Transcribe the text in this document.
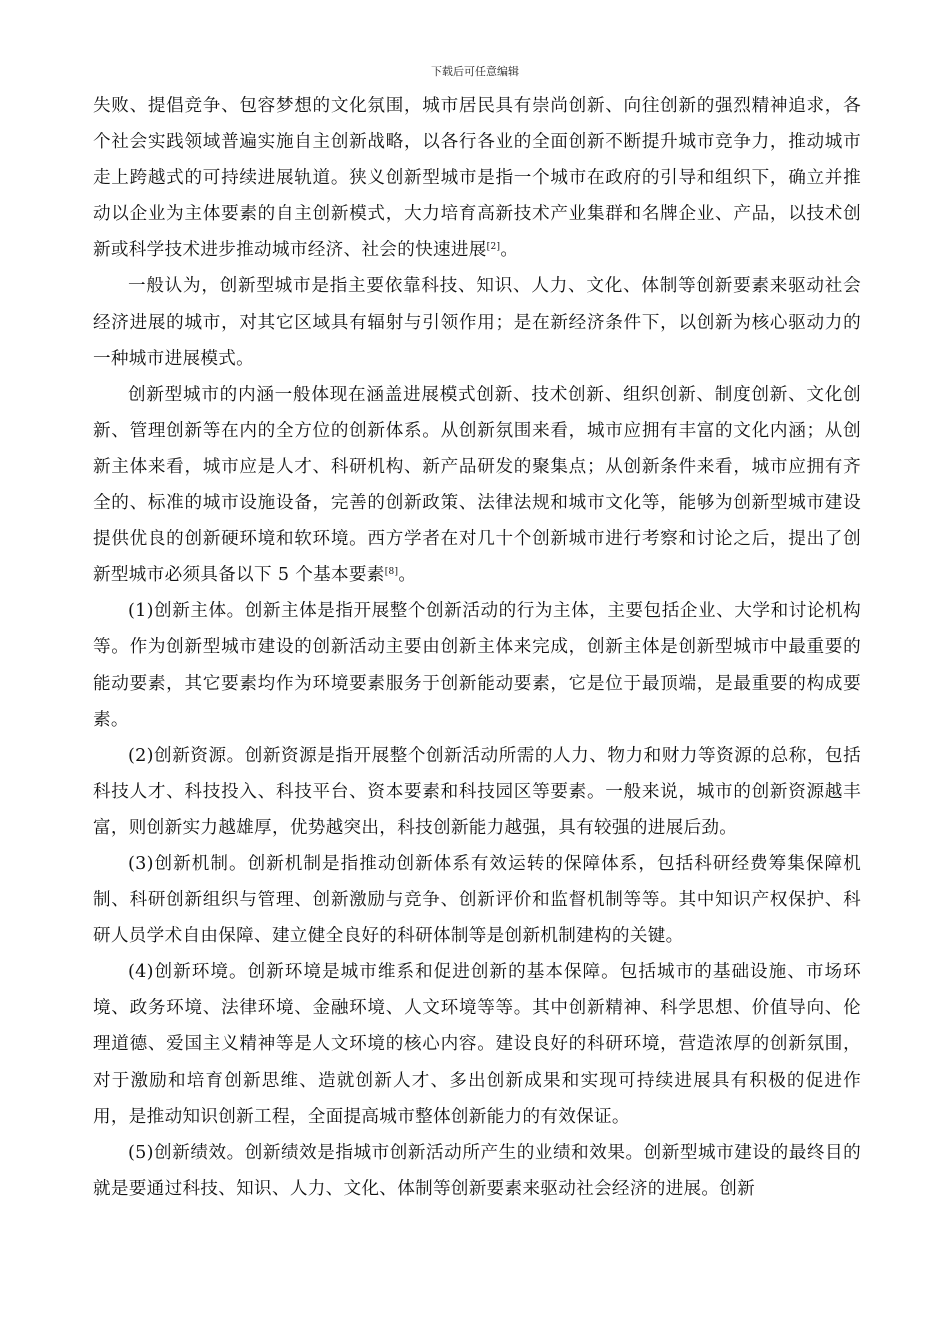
下载后可任意编辑

失败、提倡竞争、包容梦想的文化氛围，城市居民具有崇尚创新、向往创新的强烈精神追求，各个社会实践领域普遍实施自主创新战略，以各行各业的全面创新不断提升城市竞争力，推动城市走上跨越式的可持续进展轨道。狭义创新型城市是指一个城市在政府的引导和组织下，确立并推动以企业为主体要素的自主创新模式，大力培育高新技术产业集群和名牌企业、产品，以技术创新或科学技术进步推动城市经济、社会的快速进展[2]。

一般认为，创新型城市是指主要依靠科技、知识、人力、文化、体制等创新要素来驱动社会经济进展的城市，对其它区域具有辐射与引领作用；是在新经济条件下，以创新为核心驱动力的一种城市进展模式。

创新型城市的内涵一般体现在涵盖进展模式创新、技术创新、组织创新、制度创新、文化创新、管理创新等在内的全方位的创新体系。从创新氛围来看，城市应拥有丰富的文化内涵；从创新主体来看，城市应是人才、科研机构、新产品研发的聚集点；从创新条件来看，城市应拥有齐全的、标准的城市设施设备，完善的创新政策、法律法规和城市文化等，能够为创新型城市建设提供优良的创新硬环境和软环境。西方学者在对几十个创新城市进行考察和讨论之后，提出了创新型城市必须具备以下 5 个基本要素[8]。

(1)创新主体。创新主体是指开展整个创新活动的行为主体，主要包括企业、大学和讨论机构等。作为创新型城市建设的创新活动主要由创新主体来完成，创新主体是创新型城市中最重要的能动要素，其它要素均作为环境要素服务于创新能动要素，它是位于最顶端，是最重要的构成要素。

(2)创新资源。创新资源是指开展整个创新活动所需的人力、物力和财力等资源的总称，包括科技人才、科技投入、科技平台、资本要素和科技园区等要素。一般来说，城市的创新资源越丰富，则创新实力越雄厚，优势越突出，科技创新能力越强，具有较强的进展后劲。

(3)创新机制。创新机制是指推动创新体系有效运转的保障体系，包括科研经费筹集保障机制、科研创新组织与管理、创新激励与竞争、创新评价和监督机制等等。其中知识产权保护、科研人员学术自由保障、建立健全良好的科研体制等是创新机制建构的关键。

(4)创新环境。创新环境是城市维系和促进创新的基本保障。包括城市的基础设施、市场环境、政务环境、法律环境、金融环境、人文环境等等。其中创新精神、科学思想、价值导向、伦理道德、爱国主义精神等是人文环境的核心内容。建设良好的科研环境，营造浓厚的创新氛围，对于激励和培育创新思维、造就创新人才、多出创新成果和实现可持续进展具有积极的促进作用，是推动知识创新工程，全面提高城市整体创新能力的有效保证。

(5)创新绩效。创新绩效是指城市创新活动所产生的业绩和效果。创新型城市建设的最终目的就是要通过科技、知识、人力、文化、体制等创新要素来驱动社会经济的进展。创新
